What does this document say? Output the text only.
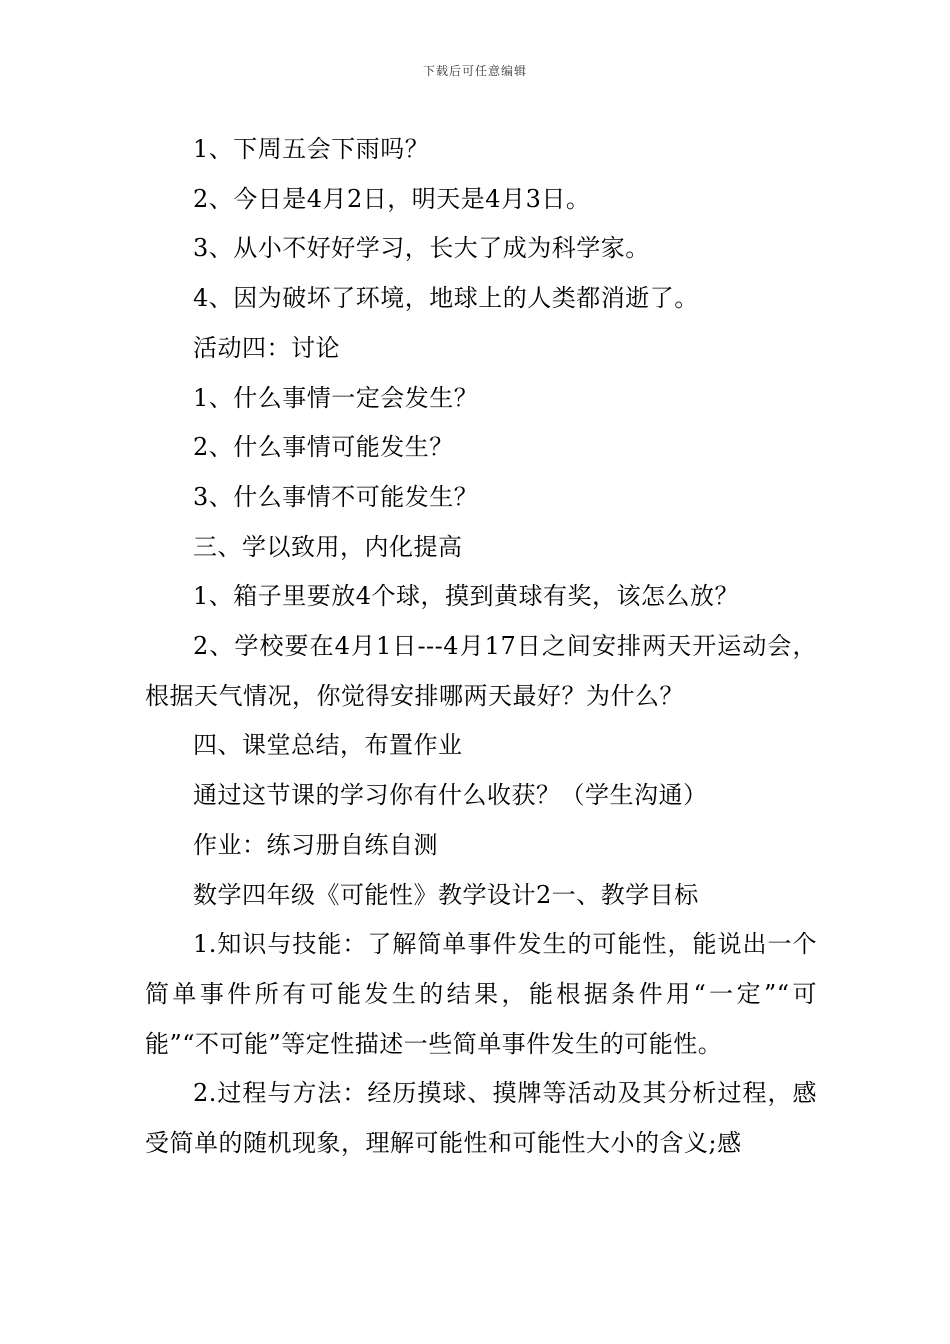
下载后可任意编辑

1、下周五会下雨吗？

2、今日是4月2日，明天是4月3日。

3、从小不好好学习，长大了成为科学家。

4、因为破坏了环境，地球上的人类都消逝了。

活动四：讨论

1、什么事情一定会发生？

2、什么事情可能发生？

3、什么事情不可能发生？

三、学以致用，内化提高

1、箱子里要放4个球，摸到黄球有奖，该怎么放？

2、学校要在4月1日---4月17日之间安排两天开运动会，根据天气情况，你觉得安排哪两天最好？为什么？

四、课堂总结，布置作业

通过这节课的学习你有什么收获？（学生沟通）

作业：练习册自练自测

数学四年级《可能性》教学设计2一、教学目标

1.知识与技能：了解简单事件发生的可能性，能说出一个简单事件所有可能发生的结果，能根据条件用“一定”“可能”“不可能”等定性描述一些简单事件发生的可能性。

2.过程与方法：经历摸球、摸牌等活动及其分析过程，感受简单的随机现象，理解可能性和可能性大小的含义;感
